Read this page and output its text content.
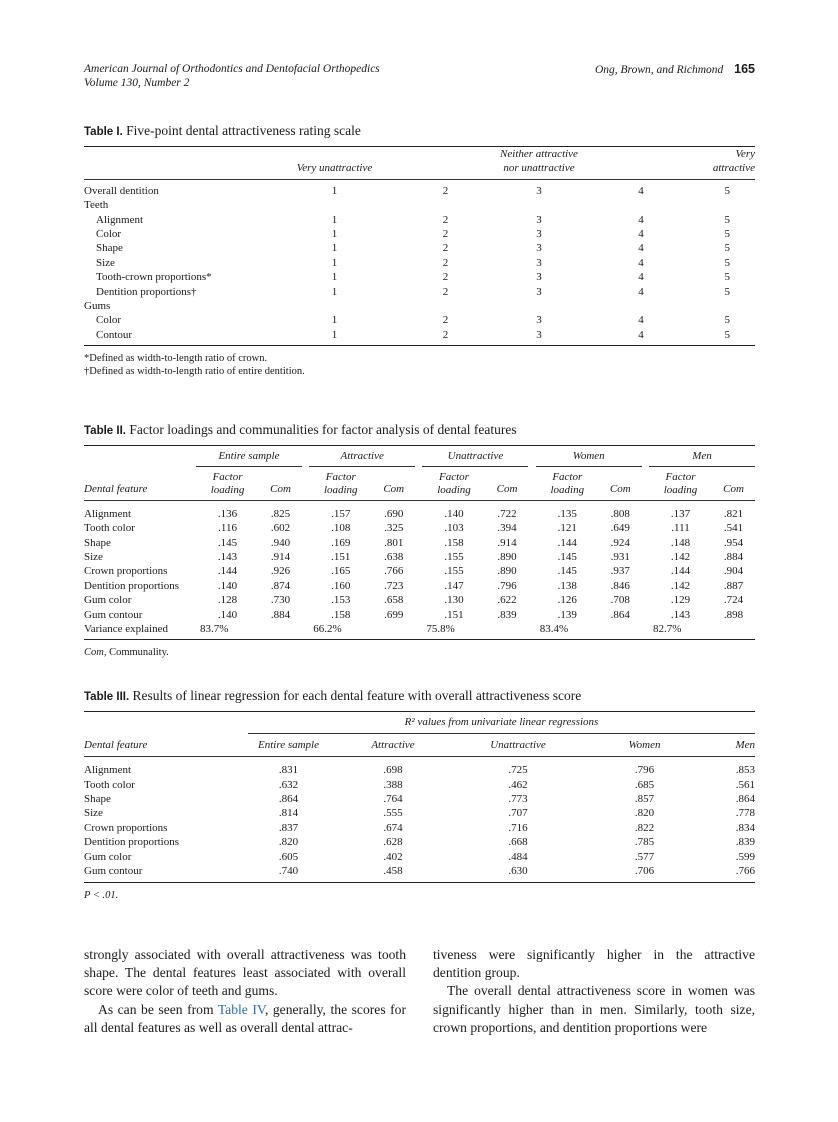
American Journal of Orthodontics and Dentofacial Orthopedics
Volume 130, Number 2
Ong, Brown, and Richmond 165
Table I. Five-point dental attractiveness rating scale
	Very unattractive		Neither attractive
nor unattractive		Very attractive
Overall dentition	1	2	3	4	5
Teeth					
Alignment	1	2	3	4	5
Color	1	2	3	4	5
Shape	1	2	3	4	5
Size	1	2	3	4	5
Tooth-crown proportions*	1	2	3	4	5
Dentition proportions†	1	2	3	4	5
Gums					
Color	1	2	3	4	5
Contour	1	2	3	4	5
*Defined as width-to-length ratio of crown.
†Defined as width-to-length ratio of entire dentition.
Table II. Factor loadings and communalities for factor analysis of dental features
	Entire sample			Attractive			Unattractive			Women			Men	
Dental feature	Factor loading	Com		Factor loading	Com		Factor loading	Com		Factor loading	Com		Factor loading	Com
Alignment	.136	.825		.157	.690		.140	.722		.135	.808		.137	.821
Tooth color	.116	.602		.108	.325		.103	.394		.121	.649		.111	.541
Shape	.145	.940		.169	.801		.158	.914		.144	.924		.148	.954
Size	.143	.914		.151	.638		.155	.890		.145	.931		.142	.884
Crown proportions	.144	.926		.165	.766		.155	.890		.145	.937		.144	.904
Dentition proportions	.140	.874		.160	.723		.147	.796		.138	.846		.142	.887
Gum color	.128	.730		.153	.658		.130	.622		.126	.708		.129	.724
Gum contour	.140	.884		.158	.699		.151	.839		.139	.864		.143	.898
Variance explained	83.7%			66.2%			75.8%			83.4%			82.7%	
Com, Communality.
Table III. Results of linear regression for each dental feature with overall attractiveness score
	R² values from univariate linear regressions				
Dental feature	Entire sample	Attractive	Unattractive	Women	Men
Alignment	.831	.698	.725	.796	.853
Tooth color	.632	.388	.462	.685	.561
Shape	.864	.764	.773	.857	.864
Size	.814	.555	.707	.820	.778
Crown proportions	.837	.674	.716	.822	.834
Dentition proportions	.820	.628	.668	.785	.839
Gum color	.605	.402	.484	.577	.599
Gum contour	.740	.458	.630	.706	.766
P < .01.

strongly associated with overall attractiveness was tooth shape. The dental features least associated with overall score were color of teeth and gums.

As can be seen from Table IV, generally, the scores for all dental features as well as overall dental attrac-

tiveness were significantly higher in the attractive dentition group.

The overall dental attractiveness score in women was significantly higher than in men. Similarly, tooth size, crown proportions, and dentition proportions were
